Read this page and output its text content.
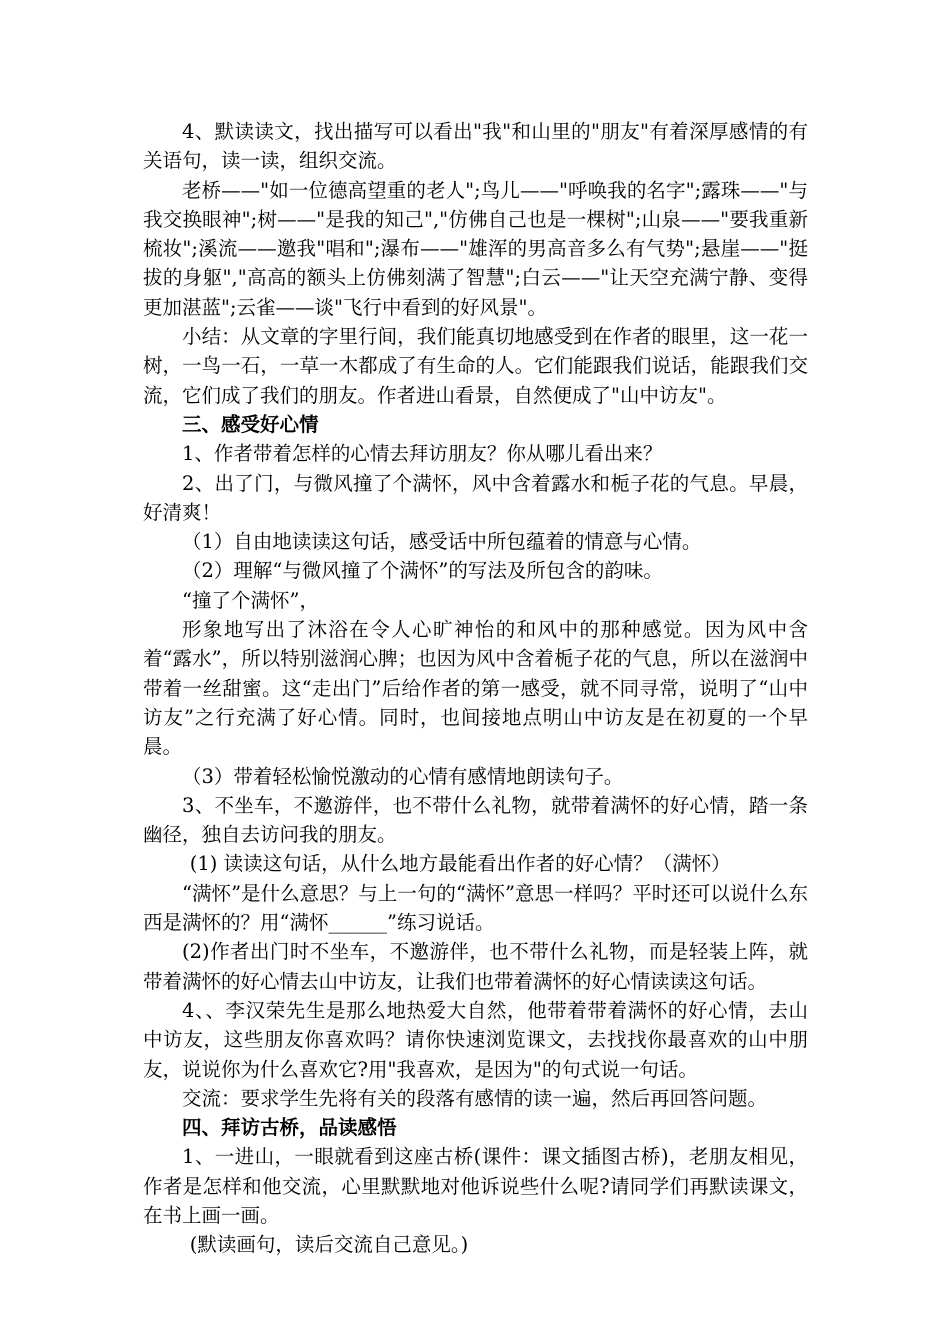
4、默读读文，找出描写可以看出"我"和山里的"朋友"有着深厚感情的有关语句，读一读，组织交流。

老桥——"如一位德高望重的老人";鸟儿——"呼唤我的名字";露珠——"与我交换眼神";树——"是我的知己","仿佛自己也是一棵树";山泉——"要我重新梳妆";溪流——邀我"唱和";瀑布——"雄浑的男高音多么有气势";悬崖——"挺拔的身躯","高高的额头上仿佛刻满了智慧";白云——"让天空充满宁静、变得更加湛蓝";云雀——谈"飞行中看到的好风景"。

小结：从文章的字里行间，我们能真切地感受到在作者的眼里，这一花一树，一鸟一石，一草一木都成了有生命的人。它们能跟我们说话，能跟我们交流，它们成了我们的朋友。作者进山看景，自然便成了"山中访友"。

三、感受好心情

1、作者带着怎样的心情去拜访朋友？你从哪儿看出来？

2、出了门，与微风撞了个满怀，风中含着露水和栀子花的气息。早晨，好清爽！

（1）自由地读读这句话，感受话中所包蕴着的情意与心情。

（2）理解“与微风撞了个满怀”的写法及所包含的韵味。

“撞了个满怀”，

形象地写出了沐浴在令人心旷神怡的和风中的那种感觉。因为风中含着“露水”，所以特别滋润心脾；也因为风中含着栀子花的气息，所以在滋润中带着一丝甜蜜。这“走出门”后给作者的第一感受，就不同寻常，说明了“山中访友”之行充满了好心情。同时，也间接地点明山中访友是在初夏的一个早晨。

（3）带着轻松愉悦激动的心情有感情地朗读句子。

3、不坐车，不邀游伴，也不带什么礼物，就带着满怀的好心情，踏一条幽径，独自去访问我的朋友。

(1) 读读这句话，从什么地方最能看出作者的好心情？（满怀）

“满怀”是什么意思？与上一句的“满怀”意思一样吗？平时还可以说什么东西是满怀的？用“满怀______”练习说话。

(2)作者出门时不坐车，不邀游伴，也不带什么礼物，而是轻装上阵，就带着满怀的好心情去山中访友，让我们也带着满怀的好心情读读这句话。

4、、李汉荣先生是那么地热爱大自然，他带着带着满怀的好心情，去山中访友，这些朋友你喜欢吗？请你快速浏览课文，去找找你最喜欢的山中朋友，说说你为什么喜欢它?用"我喜欢，是因为"的句式说一句话。

交流：要求学生先将有关的段落有感情的读一遍，然后再回答问题。

四、拜访古桥，品读感悟

1、一进山，一眼就看到这座古桥(课件：课文插图古桥)，老朋友相见，作者是怎样和他交流，心里默默地对他诉说些什么呢?请同学们再默读课文，在书上画一画。

(默读画句，读后交流自己意见。)
